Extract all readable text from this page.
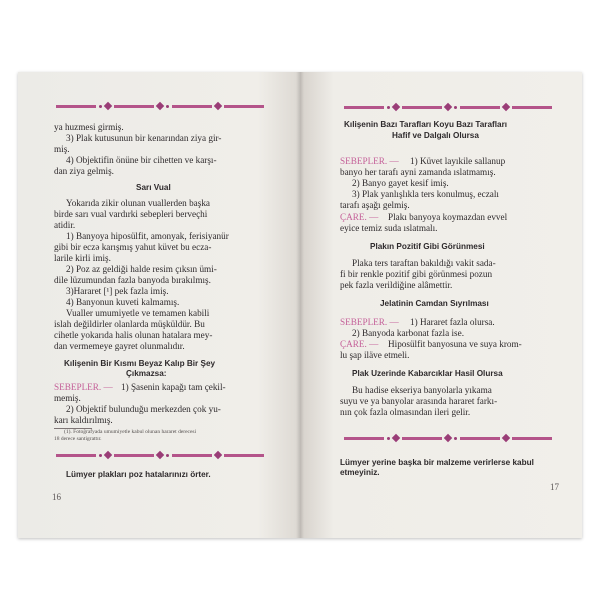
ya huzmesi girmiş.
3) Plak kutusunun bir kenarından ziya gir-
miş.
4) Objektifin önüne bir cihetten ve karşı-
dan ziya gelmiş.
Sarı Vual
Yokarıda zikir olunan vuallerden başka
birde sarı vual vardırki sebepleri berveçhi
atidir.
1) Banyoya hiposülfit, amonyak, ferisiyanür
gibi bir eczə karışmış yahut küvet bu ecza-
larile kirli imiş.
2) Poz az geldiği halde resim çıksın ümi-
dile lüzumundan fazla banyoda bırakılmış.
3)Hararet [¹] pek fazla imiş.
4) Banyonun kuveti kalmamış.
Vualler umumiyetle ve temamen kabili
islah değildirler olanlarda müşküldür. Bu
cihetle yokarıda halis olunan hatalara mey-
dan vermemeye gayret olunmalıdır.
Kılişenin Bir Kısmı Beyaz Kalıp Bir Şey
Çıkmazsa:
SEBEPLER. — 1) Şasenin kapağı tam çekil-
memiş.
2) Objektif bulunduğu merkezden çok yu-
karı kaldırılmış.
(1). Fotoğrafyada umumiyetle kabul olunan hararet derecesi
18 derece santigrattır.
Lümyer plakları poz hatalarınızı örter.
16
Kılişenin Bazı Tarafları Koyu Bazı Tarafları
Hafif ve Dalgalı Olursa
SEBEPLER. — 1) Küvet layıkile sallanup
banyo her tarafı ayni zamanda ıslatmamış.
2) Banyo gayet kesif imiş.
3) Plak yanlışlıkla ters konulmuş, eczalı
tarafı aşağı gelmiş.
ÇARE. — Plakı banyoya koymazdan evvel
eyice temiz suda ıslatmalı.
Plakın Pozitif Gibi Görünmesi
Plaka ters taraftan bakıldığı vakit sada-
fi bir renkle pozitif gibi görünmesi pozun
pek fazla verildiğine alâmettir.
Jelatinin Camdan Sıyrılması
SEBEPLER. — 1) Hararet fazla olursa.
2) Banyoda karbonat fazla ise.
ÇARE. — Hiposülfit banyosuna ve suya krom-
lu şap iläve etmeli.
Plak Uzerinde Kabarcıklar Hasil Olursa
Bu hadise ekseriya banyolarla yıkama
suyu ve ya banyolar arasında hararet farkı-
nın çok fazla olmasından ileri gelir.
Lümyer yerine başka bir malzeme verirlerse kabul
etmeyiniz.
17
